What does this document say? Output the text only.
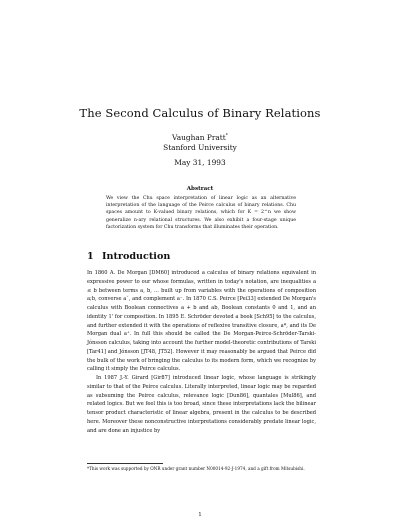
The Second Calculus of Binary Relations
Vaughan Pratt*
Stanford University
May 31, 1993
Abstract
We view the Chu space interpretation of linear logic as an alternative interpretation of the language of the Peirce calculus of binary relations. Chu spaces amount to K-valued binary relations, which for K = 2^n we show generalize n-ary relational structures. We also exhibit a four-stage unique factorization system for Chu transforms that illuminates their operation.
1 Introduction

In 1860 A. De Morgan [DM60] introduced a calculus of binary relations equivalent in expressive power to our whose formulas, written in today's notation, are inequalities a ≤ b between terms a, b, ... built up from variables with the operations of composition a;b, converse a˘, and complement a⁻. In 1870 C.S. Peirce [Pei33] extended De Morgan's calculus with Boolean connectives a + b and ab, Boolean constants 0 and 1, and an identity 1' for composition. In 1895 E. Schröder devoted a book [Sch95] to the calculus, and further extended it with the operations of reflexive transitive closure, a*, and its De Morgan dual a⁺. In full this should be called the De Morgan-Peirce-Schröder-Tarski-Jónsson calculus, taking into account the further model-theoretic contributions of Tarski [Tar41] and Jónsson [JT48, JT52]. However it may reasonably be argued that Peirce did the bulk of the work of bringing the calculus to its modern form, which we recognize by calling it simply the Peirce calculus.

In 1987 J.-Y. Girard [Gir87] introduced linear logic, whose language is strikingly similar to that of the Peirce calculus. Literally interpreted, linear logic may be regarded as subsuming the Peirce calculus, relevance logic [Dun86], quantales [Mul86], and related logics. But we feel this is too broad, since these interpretations lack the bilinear tensor product characteristic of linear algebra, present in the calculus to be described here. Moreover these nonconstructive interpretations considerably predate linear logic, and are done an injustice by

*This work was supported by ONR under grant number N00014-92-J-1974, and a gift from Mitsubishi.
1
